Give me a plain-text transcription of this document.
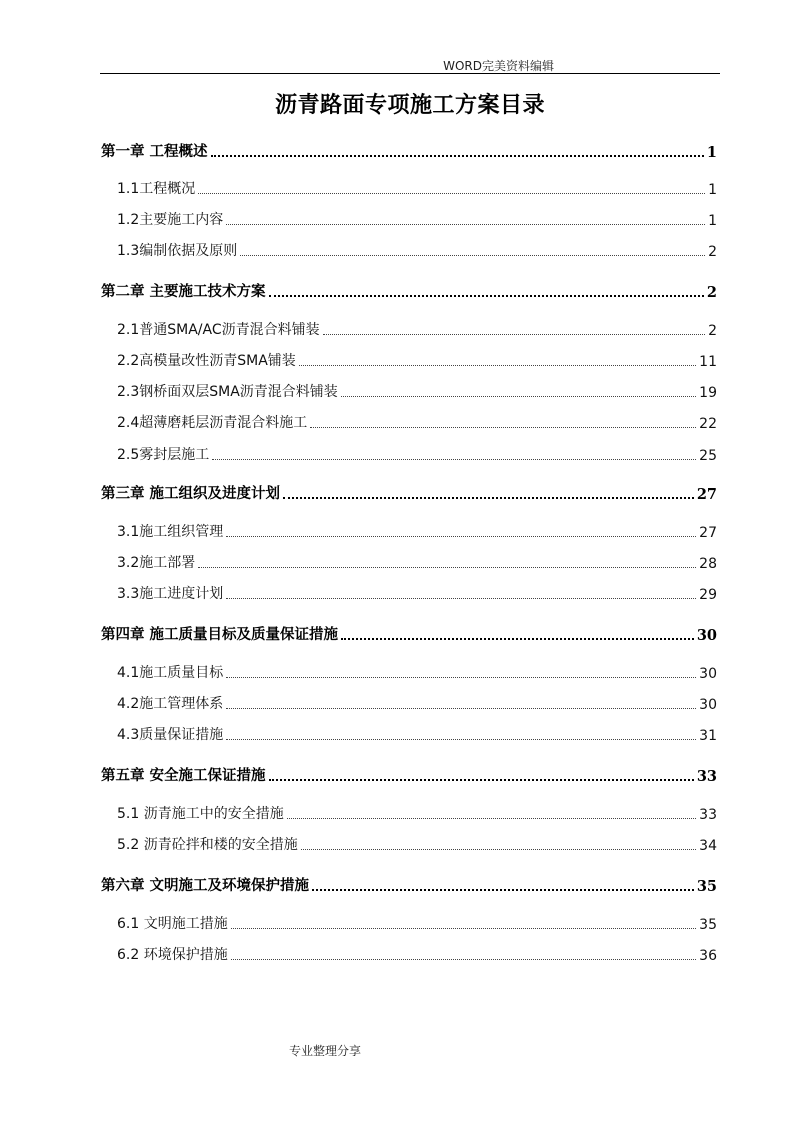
WORD完美资料编辑
沥青路面专项施工方案目录
第一章 工程概述	1
1.1工程概况	1
1.2主要施工内容	1
1.3编制依据及原则	2
第二章 主要施工技术方案	2
2.1普通SMA/AC沥青混合料铺装	2
2.2高模量改性沥青SMA铺装	11
2.3钢桥面双层SMA沥青混合料铺装	19
2.4超薄磨耗层沥青混合料施工	22
2.5雾封层施工	25
第三章 施工组织及进度计划	27
3.1施工组织管理	27
3.2施工部署	28
3.3施工进度计划	29
第四章 施工质量目标及质量保证措施	30
4.1施工质量目标	30
4.2施工管理体系	30
4.3质量保证措施	31
第五章 安全施工保证措施	33
5.1 沥青施工中的安全措施	33
5.2 沥青砼拌和楼的安全措施	34
第六章 文明施工及环境保护措施	35
6.1 文明施工措施	35
6.2 环境保护措施	36
专业整理分享
